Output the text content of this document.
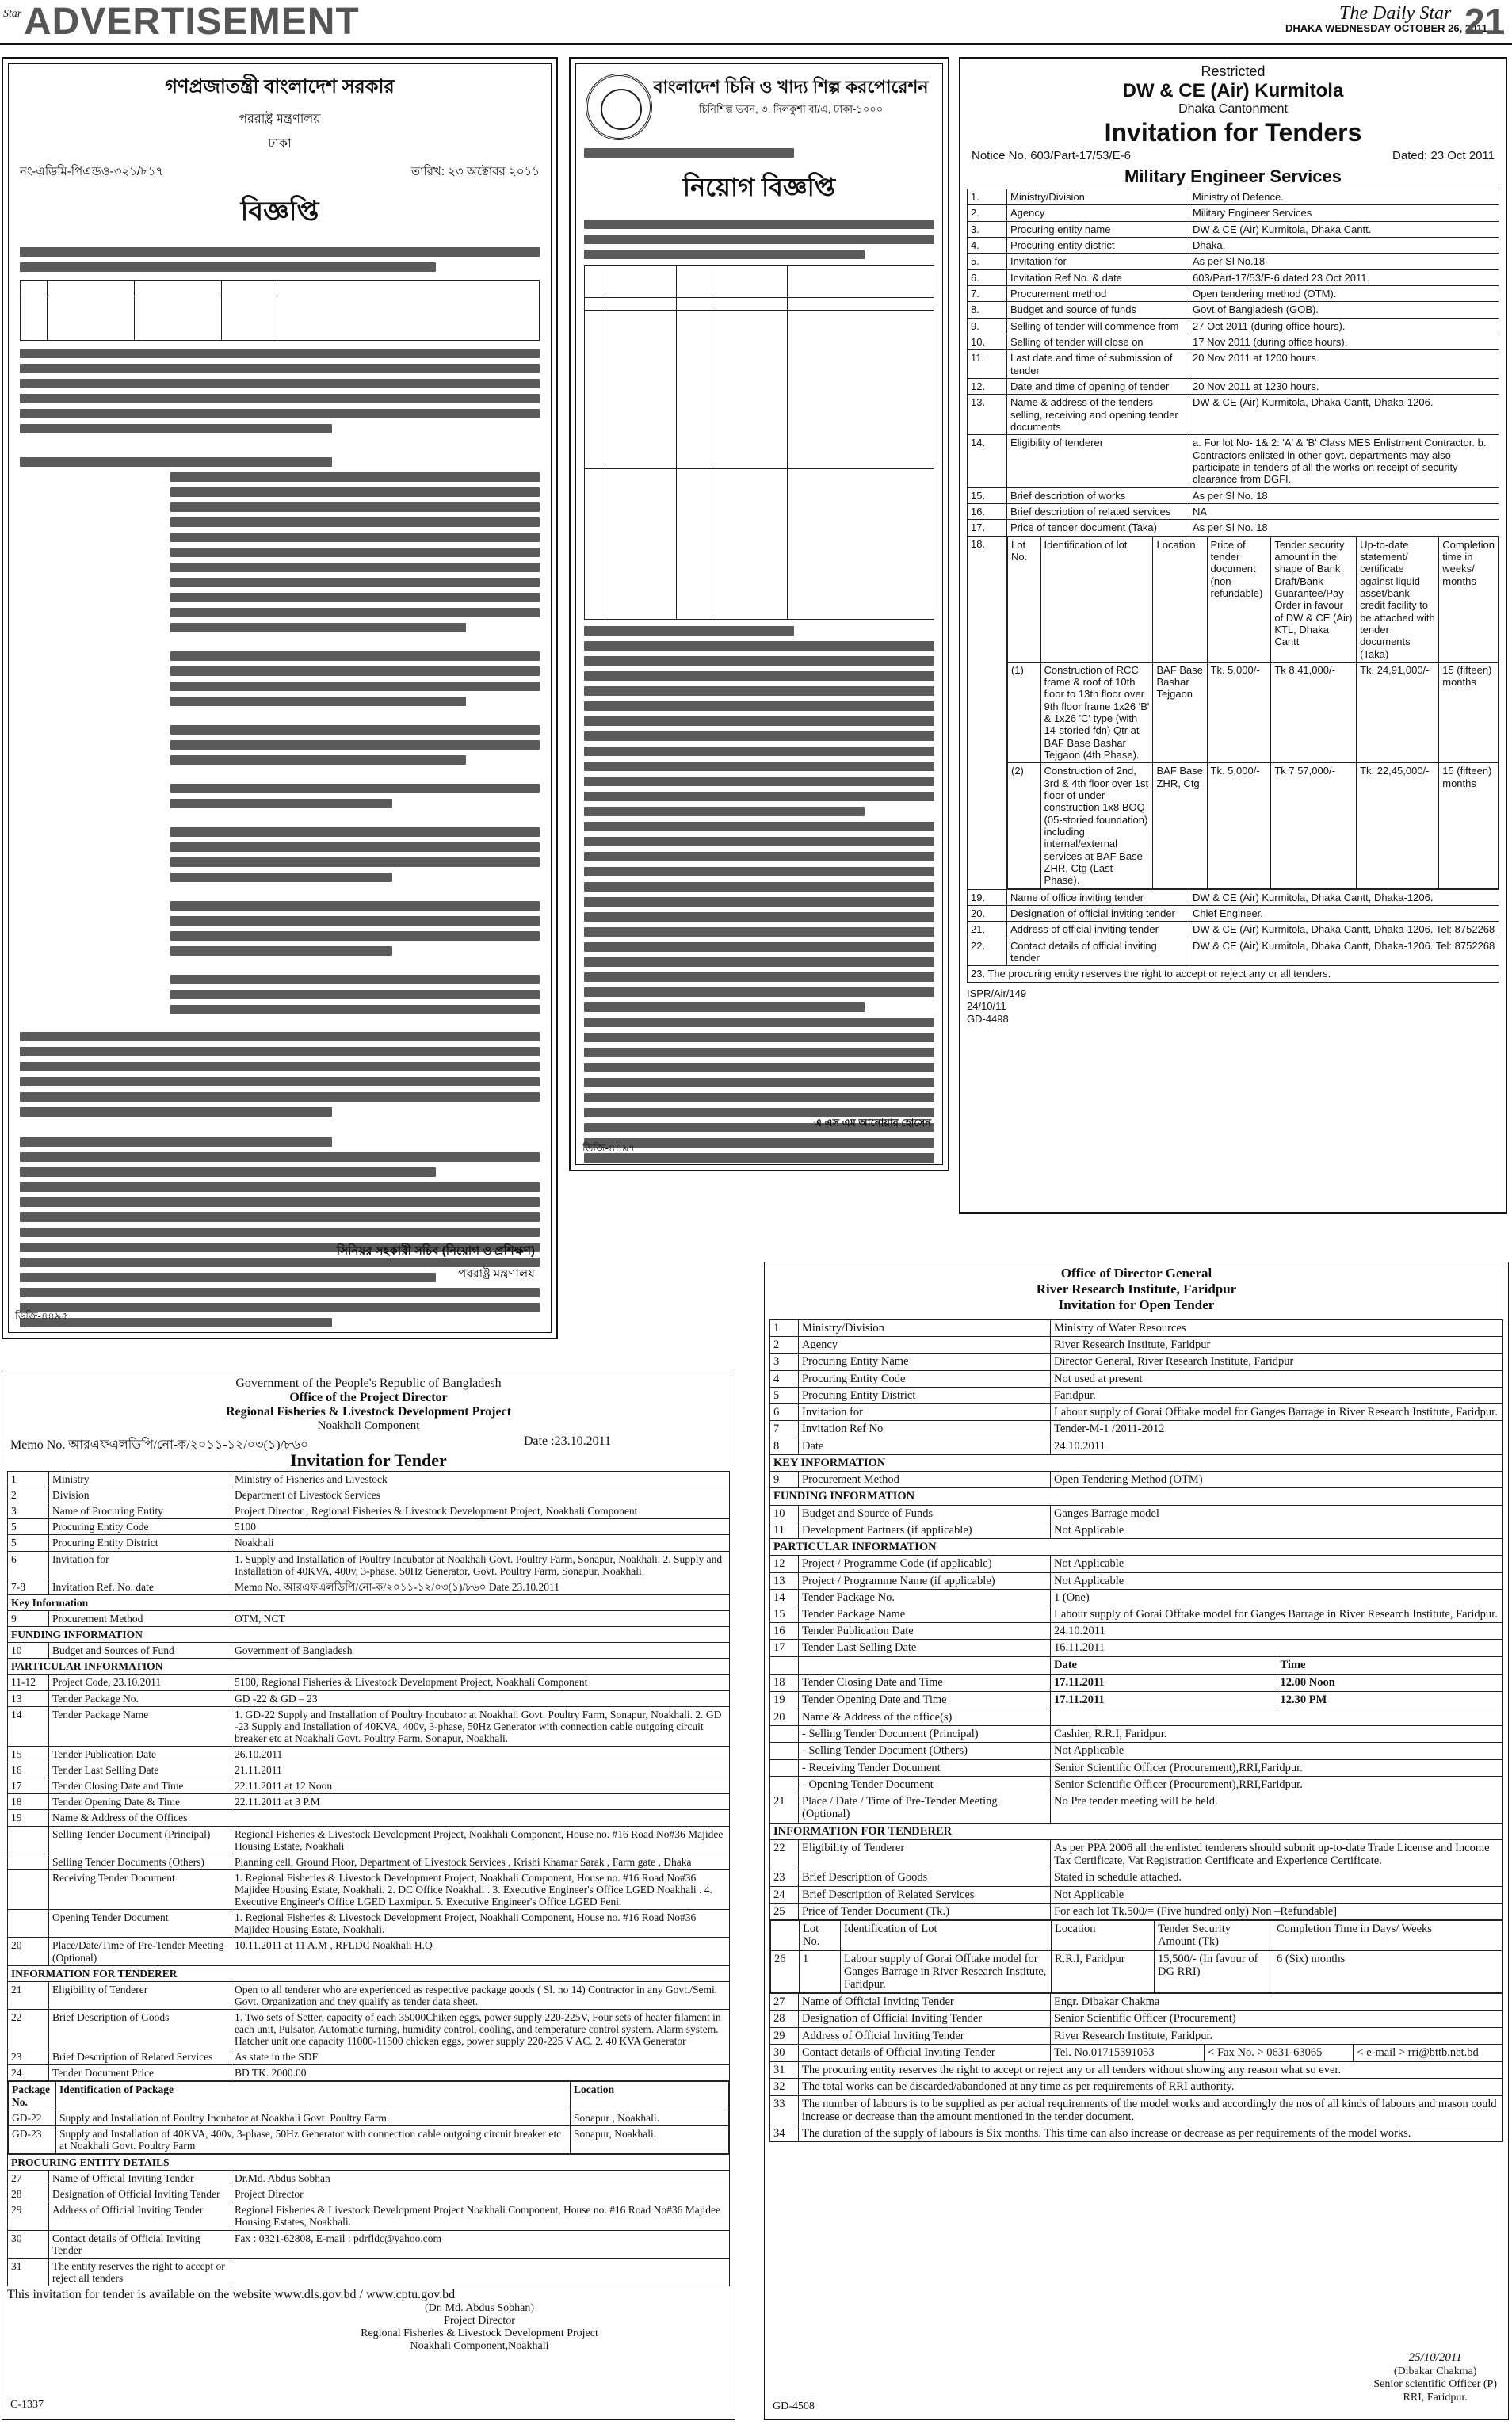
Star ADVERTISEMENT	The Daily Star
DHAKA WEDNESDAY OCTOBER 26, 2011
21
গণপ্রজাতন্ত্রী বাংলাদেশ সরকার
পররাষ্ট্র মন্ত্রণালয়
ঢাকা
নং-এডিমি-পিএন্ডও-৩২১/৮১৭	তারিখ: ২৩ অক্টোবর ২০১১
বিজ্ঞপ্তি

সিনিয়র সহকারী সচিব (নিয়োগ ও প্রশিক্ষণ)
পররাষ্ট্র মন্ত্রণালয়
ডিজি-৪৪৯৫
বাংলাদেশ চিনি ও খাদ্য শিল্প করপোরেশন
চিনিশিল্প ভবন, ৩, দিলকুশা বা/এ, ঢাকা-১০০০
নিয়োগ বিজ্ঞপ্তি

এ এস এম আনোয়ার হোসেন
ডিজি-৪৪৯৭
Restricted
DW & CE (Air) Kurmitola
Dhaka Cantonment
Invitation for Tenders
Notice No. 603/Part-17/53/E-6	Dated: 23 Oct 2011
Military Engineer Services
1.	Ministry/Division	Ministry of Defence.
2.	Agency	Military Engineer Services
3.	Procuring entity name	DW & CE (Air) Kurmitola, Dhaka Cantt.
4.	Procuring entity district	Dhaka.
5.	Invitation for	As per Sl No.18
6.	Invitation Ref No. & date	603/Part-17/53/E-6 dated 23 Oct 2011.
7.	Procurement method	Open tendering method (OTM).
8.	Budget and source of funds	Govt of Bangladesh (GOB).
9.	Selling of tender will commence from	27 Oct 2011 (during office hours).
10.	Selling of tender will close on	17 Nov 2011 (during office hours).
11.	Last date and time of submission of tender	20 Nov 2011 at 1200 hours.
12.	Date and time of opening of tender	20 Nov 2011 at 1230 hours.
13.	Name & address of the tenders selling, receiving and opening tender documents	DW & CE (Air) Kurmitola, Dhaka Cantt, Dhaka-1206.
14.	Eligibility of tenderer	a. For lot No- 1& 2: 'A' & 'B' Class MES Enlistment Contractor. b. Contractors enlisted in other govt. departments may also participate in tenders of all the works on receipt of security clearance from DGFI.
15.	Brief description of works	As per Sl No. 18
16.	Brief description of related services	NA
17.	Price of tender document (Taka)	As per Sl No. 18
18.		Lot No.	Identification of lot	Location	Price of tender document (non-refundable)	Tender security amount in the shape of Bank Draft/Bank Guarantee/Pay -Order in favour of DW & CE (Air) KTL, Dhaka Cantt	Up-to-date statement/ certificate against liquid asset/bank credit facility to be attached with tender documents (Taka)	Completion time in weeks/ months
(1)	Construction of RCC frame & roof of 10th floor to 13th floor over 9th floor frame 1x26 'B' & 1x26 'C' type (with 14-storied fdn) Qtr at BAF Base Bashar Tejgaon (4th Phase).	BAF Base Bashar Tejgaon	Tk. 5,000/-	Tk 8,41,000/-	Tk. 24,91,000/-	15 (fifteen) months
(2)	Construction of 2nd, 3rd & 4th floor over 1st floor of under construction 1x8 BOQ (05-storied foundation) including internal/external services at BAF Base ZHR, Ctg (Last Phase).	BAF Base ZHR, Ctg	Tk. 5,000/-	Tk 7,57,000/-	Tk. 22,45,000/-	15 (fifteen) months

19.	Name of office inviting tender	DW & CE (Air) Kurmitola, Dhaka Cantt, Dhaka-1206.
20.	Designation of official inviting tender	Chief Engineer.
21.	Address of official inviting tender	DW & CE (Air) Kurmitola, Dhaka Cantt, Dhaka-1206. Tel: 8752268
22.	Contact details of official inviting tender	DW & CE (Air) Kurmitola, Dhaka Cantt, Dhaka-1206. Tel: 8752268
23. The procuring entity reserves the right to accept or reject any or all tenders.
ISPR/Air/149
24/10/11
GD-4498
Government of the People's Republic of Bangladesh
Office of the Project Director
Regional Fisheries & Livestock Development Project
Noakhali Component
Memo No. আরএফএলডিপি/নো-ক/২০১১-১২/০৩(১)/৮৬০	Date :23.10.2011
Invitation for Tender
1	Ministry	Ministry of Fisheries and Livestock
2	Division	Department of Livestock Services
3	Name of Procuring Entity	Project Director , Regional Fisheries & Livestock Development Project, Noakhali Component
5	Procuring Entity Code	5100
5	Procuring Entity District	Noakhali
6	Invitation for	1. Supply and Installation of Poultry Incubator at Noakhali Govt. Poultry Farm, Sonapur, Noakhali. 2. Supply and Installation of 40KVA, 400v, 3-phase, 50Hz Generator, Govt. Poultry Farm, Sonapur, Noakhali.
7-8	Invitation Ref. No. date	Memo No. আরএফএলডিপি/নো-ক/২০১১-১২/০৩(১)/৮৬০ Date 23.10.2011
Key Information
9	Procurement Method	OTM, NCT
FUNDING INFORMATION
10	Budget and Sources of Fund	Government of Bangladesh
PARTICULAR INFORMATION
11-12	Project Code, 23.10.2011	5100, Regional Fisheries & Livestock Development Project, Noakhali Component
13	Tender Package No.	GD -22 & GD – 23
14	Tender Package Name	1. GD-22 Supply and Installation of Poultry Incubator at Noakhali Govt. Poultry Farm, Sonapur, Noakhali. 2. GD -23 Supply and Installation of 40KVA, 400v, 3-phase, 50Hz Generator with connection cable outgoing circuit breaker etc at Noakhali Govt. Poultry Farm, Sonapur, Noakhali.
15	Tender Publication Date	26.10.2011
16	Tender Last Selling Date	21.11.2011
17	Tender Closing Date and Time	22.11.2011 at 12 Noon
18	Tender Opening Date & Time	22.11.2011 at 3 P.M
19	Name & Address of the Offices	
	Selling Tender Document (Principal)	Regional Fisheries & Livestock Development Project, Noakhali Component, House no. #16 Road No#36 Majidee Housing Estate, Noakhali
	Selling Tender Documents (Others)	Planning cell, Ground Floor, Department of Livestock Services , Krishi Khamar Sarak , Farm gate , Dhaka
	Receiving Tender Document	1. Regional Fisheries & Livestock Development Project, Noakhali Component, House no. #16 Road No#36 Majidee Housing Estate, Noakhali. 2. DC Office Noakhali . 3. Executive Engineer's Office LGED Noakhali . 4. Executive Engineer's Office LGED Laxmipur. 5. Executive Engineer's Office LGED Feni.
	Opening Tender Document	1. Regional Fisheries & Livestock Development Project, Noakhali Component, House no. #16 Road No#36 Majidee Housing Estate, Noakhali.
20	Place/Date/Time of Pre-Tender Meeting (Optional)	10.11.2011 at 11 A.M , RFLDC Noakhali H.Q
INFORMATION FOR TENDERER
21	Eligibility of Tenderer	Open to all tenderer who are experienced as respective package goods ( Sl. no 14) Contractor in any Govt./Semi. Govt. Organization and they qualify as tender data sheet.
22	Brief Description of Goods	1. Two sets of Setter, capacity of each 35000Chiken eggs, power supply 220-225V, Four sets of heater filament in each unit, Pulsator, Automatic turning, humidity control, cooling, and temperature control system. Alarm system. Hatcher unit one capacity 11000-11500 chicken eggs, power supply 220-225 V AC. 2. 40 KVA Generator
23	Brief Description of Related Services	As state in the SDF
24	Tender Document Price	BD TK. 2000.00

Package No.	Identification of Package	Location
GD-22	Supply and Installation of Poultry Incubator at Noakhali Govt. Poultry Farm.	Sonapur , Noakhali.
GD-23	Supply and Installation of 40KVA, 400v, 3-phase, 50Hz Generator with connection cable outgoing circuit breaker etc at Noakhali Govt. Poultry Farm	Sonapur, Noakhali.

PROCURING ENTITY DETAILS
27	Name of Official Inviting Tender	Dr.Md. Abdus Sobhan
28	Designation of Official Inviting Tender	Project Director
29	Address of Official Inviting Tender	Regional Fisheries & Livestock Development Project Noakhali Component, House no. #16 Road No#36 Majidee Housing Estates, Noakhali.
30	Contact details of Official Inviting Tender	Fax : 0321-62808, E-mail : pdrfldc@yahoo.com
31	The entity reserves the right to accept or reject all tenders	
This invitation for tender is available on the website www.dls.gov.bd / www.cptu.gov.bd
(Dr. Md. Abdus Sobhan)
Project Director
Regional Fisheries & Livestock Development Project
Noakhali Component,Noakhali
C-1337
Office of Director General
River Research Institute, Faridpur
Invitation for Open Tender
1	Ministry/Division	Ministry of Water Resources
2	Agency	River Research Institute, Faridpur
3	Procuring Entity Name	Director General, River Research Institute, Faridpur
4	Procuring Entity Code	Not used at present
5	Procuring Entity District	Faridpur.
6	Invitation for	Labour supply of Gorai Offtake model for Ganges Barrage in River Research Institute, Faridpur.
7	Invitation Ref No	Tender-M-1 /2011-2012
8	Date	24.10.2011
KEY INFORMATION
9	Procurement Method	Open Tendering Method (OTM)
FUNDING INFORMATION
10	Budget and Source of Funds	Ganges Barrage model
11	Development Partners (if applicable)	Not Applicable
PARTICULAR INFORMATION
12	Project / Programme Code (if applicable)	Not Applicable
13	Project / Programme Name (if applicable)	Not Applicable
14	Tender Package No.	1 (One)
15	Tender Package Name	Labour supply of Gorai Offtake model for Ganges Barrage in River Research Institute, Faridpur.
16	Tender Publication Date	24.10.2011
17	Tender Last Selling Date	16.11.2011

Date	Time

18	Tender Closing Date and Time		17.11.2011	12.00 Noon

19	Tender Opening Date and Time		17.11.2011	12.30 PM

20	Name & Address of the office(s)	
	- Selling Tender Document (Principal)	Cashier, R.R.I, Faridpur.
	- Selling Tender Document (Others)	Not Applicable
	- Receiving Tender Document	Senior Scientific Officer (Procurement),RRI,Faridpur.
	- Opening Tender Document	Senior Scientific Officer (Procurement),RRI,Faridpur.
21	Place / Date / Time of Pre-Tender Meeting (Optional)	No Pre tender meeting will be held.
INFORMATION FOR TENDERER
22	Eligibility of Tenderer	As per PPA 2006 all the enlisted tenderers should submit up-to-date Trade License and Income Tax Certificate, Vat Registration Certificate and Experience Certificate.
23	Brief Description of Goods	Stated in schedule attached.
24	Brief Description of Related Services	Not Applicable
25	Price of Tender Document (Tk.)	For each lot Tk.500/= (Five hundred only) Non –Refundable]

	Lot No.	Identification of Lot	Location	Tender Security Amount (Tk)	Completion Time in Days/ Weeks
26	1	Labour supply of Gorai Offtake model for Ganges Barrage in River Research Institute, Faridpur.	R.R.I, Faridpur	15,500/- (In favour of DG RRI)	6 (Six) months

27	Name of Official Inviting Tender	Engr. Dibakar Chakma
28	Designation of Official Inviting Tender	Senior Scientific Officer (Procurement)
29	Address of Official Inviting Tender	River Research Institute, Faridpur.
30	Contact details of Official Inviting Tender		Tel. No.01715391053	< Fax No. > 0631-63065	< e-mail > rri@bttb.net.bd

31	The procuring entity reserves the right to accept or reject any or all tenders without showing any reason what so ever.
32	The total works can be discarded/abandoned at any time as per requirements of RRI authority.
33	The number of labours is to be supplied as per actual requirements of the model works and accordingly the nos of all kinds of labours and mason could increase or decrease than the amount mentioned in the tender document.
34	The duration of the supply of labours is Six months. This time can also increase or decrease as per requirements of the model works.
25/10/2011
(Dibakar Chakma)
Senior scientific Officer (P)
RRI, Faridpur.
GD-4508
